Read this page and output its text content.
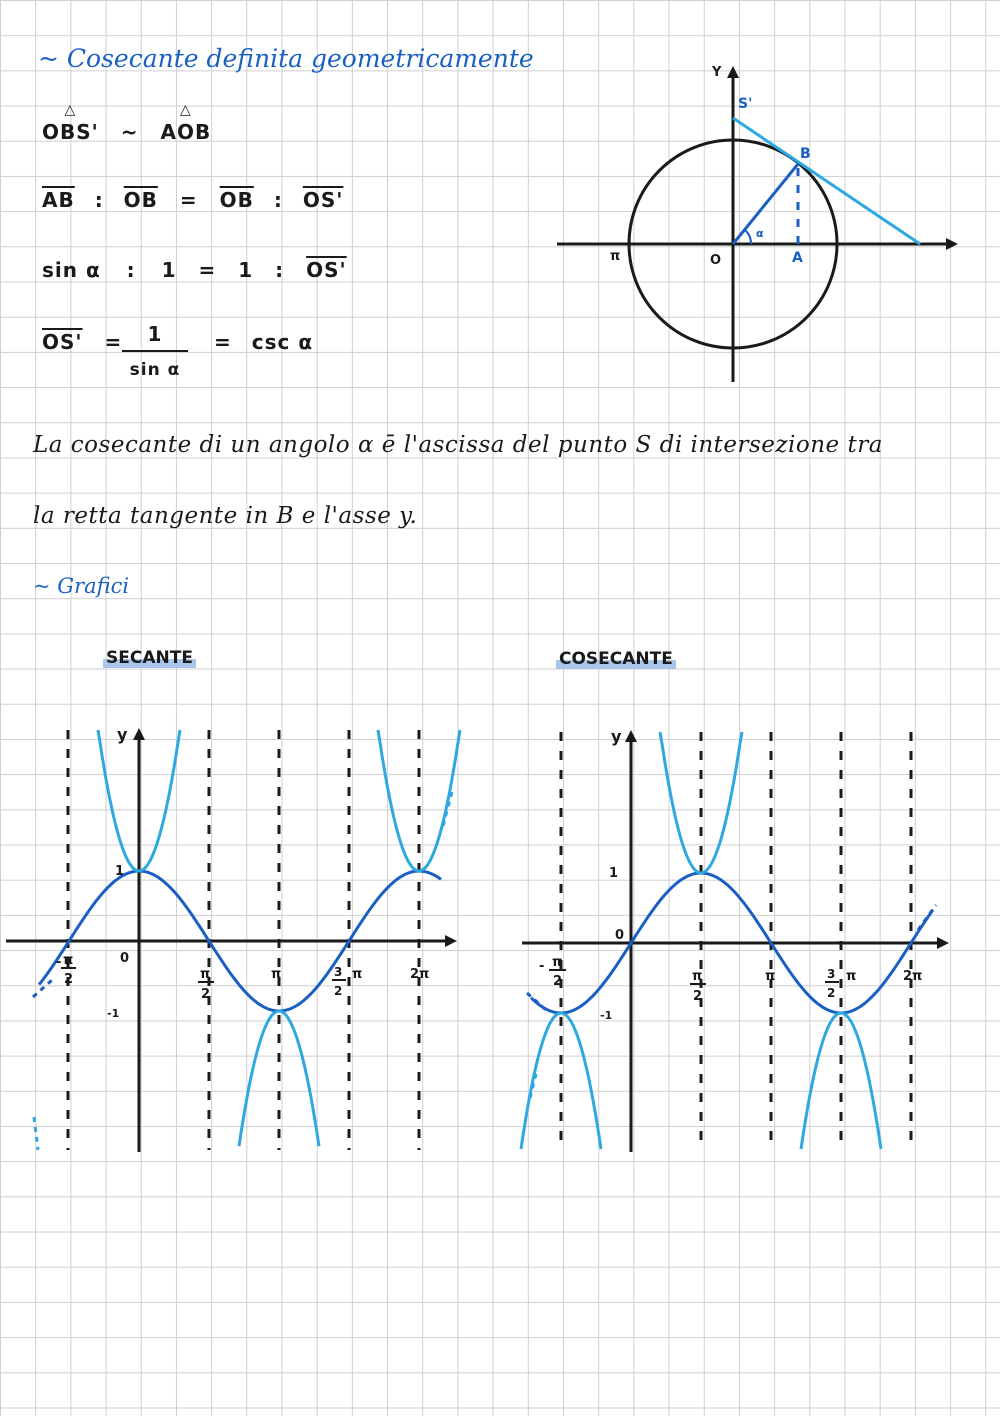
~ Cosecante definita geometricamente
△ OBS' ~ △ AOB
$\overline{AB}$ : $\overline{OB} = \overline{OB}$ : OS'
sin α : 1 = 1 : OS'
$OS' = \frac{1}{\text{sin α}} = \csc \alpha$
Y
S'
B
O	A
π
α
La cosecante di un angolo α ē l'ascissa del punto S di intersezione tra
la retta tangente in B e l'asse y.
~ Grafici
SECANTE	COSECANTE
y
1
0
-1
- π
2	π
2
π	3
2
π	2π
y
1
0
-1
- π
2	π
2
π	3
2
π	2π
